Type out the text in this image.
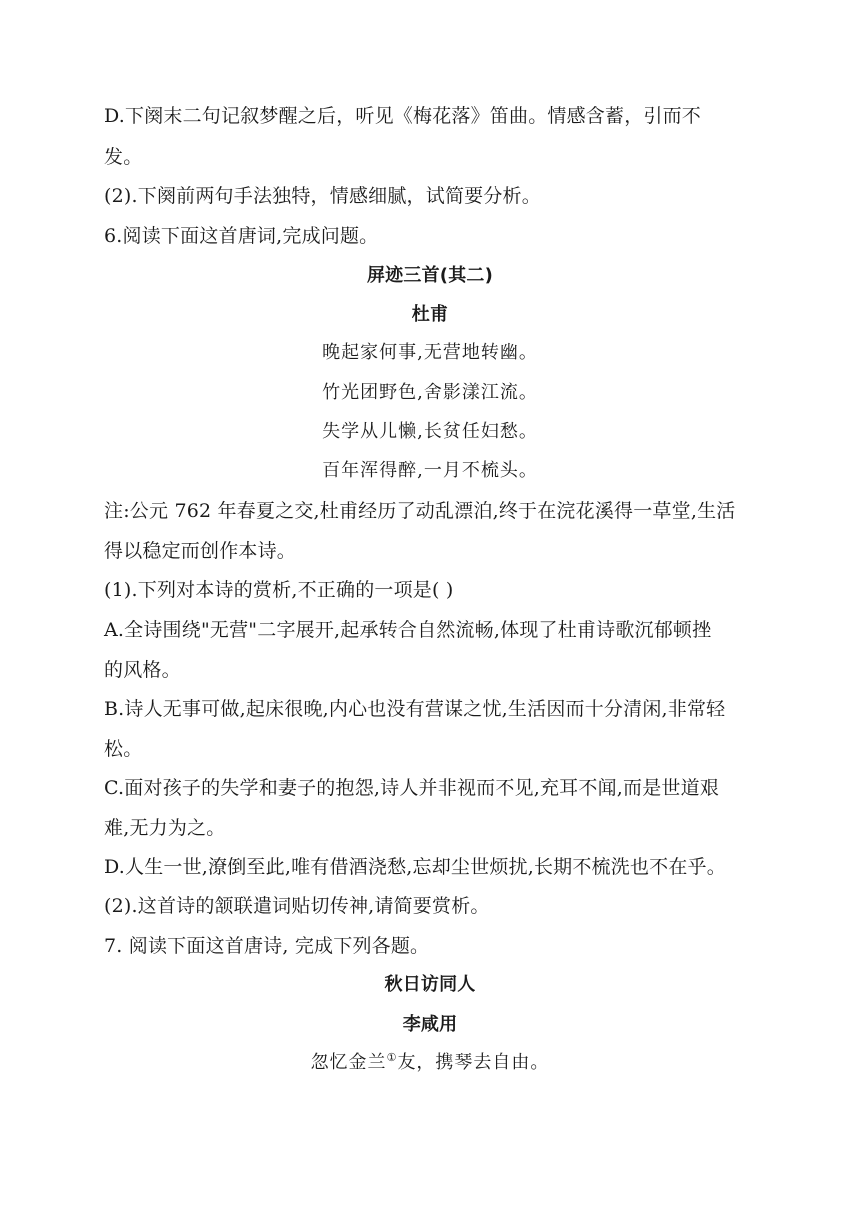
D.下阕末二句记叙梦醒之后，听见《梅花落》笛曲。情感含蓄，引而不
发。
(2).下阕前两句手法独特，情感细腻，试简要分析。
6.阅读下面这首唐词,完成问题。
屏迹三首(其二)
杜甫
晚起家何事,无营地转幽。
竹光团野色,舍影漾江流。
失学从儿懒,长贫任妇愁。
百年浑得醉,一月不梳头。
注:公元 762 年春夏之交,杜甫经历了动乱漂泊,终于在浣花溪得一草堂,生活
得以稳定而创作本诗。
(1).下列对本诗的赏析,不正确的一项是( )
A.全诗围绕"无营"二字展开,起承转合自然流畅,体现了杜甫诗歌沉郁顿挫
的风格。
B.诗人无事可做,起床很晚,内心也没有营谋之忧,生活因而十分清闲,非常轻
松。
C.面对孩子的失学和妻子的抱怨,诗人并非视而不见,充耳不闻,而是世道艰
难,无力为之。
D.人生一世,潦倒至此,唯有借酒浇愁,忘却尘世烦扰,长期不梳洗也不在乎。
(2).这首诗的颔联遣词贴切传神,请简要赏析。
7. 阅读下面这首唐诗, 完成下列各题。
秋日访同人
李咸用
忽忆金兰①友，携琴去自由。
